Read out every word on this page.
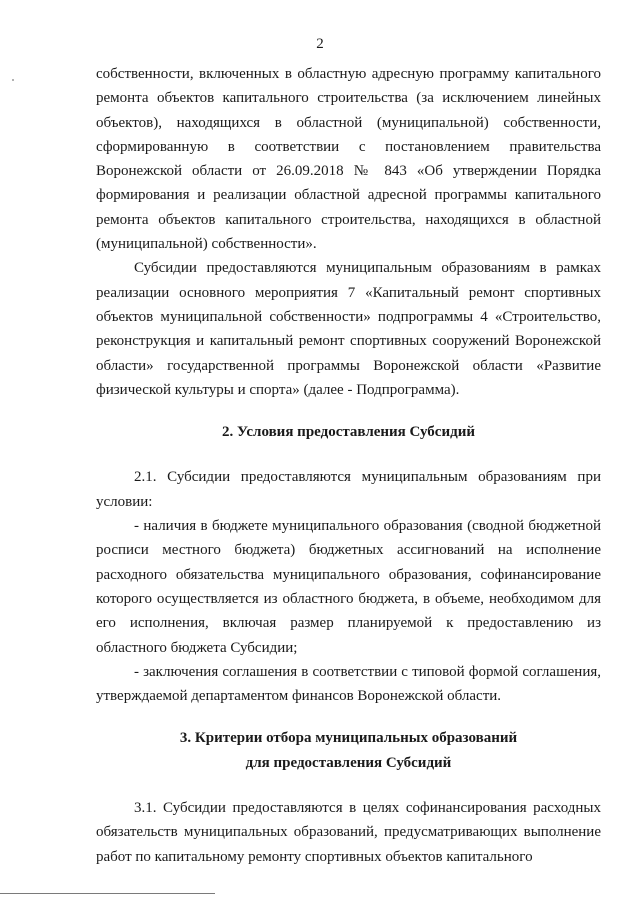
2

собственности, включенных в областную адресную программу капитального ремонта объектов капитального строительства (за исключением линейных объектов), находящихся в областной (муниципальной) собственности, сформированную в соответствии с постановлением правительства Воронежской области от 26.09.2018 № 843 «Об утверждении Порядка формирования и реализации областной адресной программы капитального ремонта объектов капитального строительства, находящихся в областной (муниципальной) собственности».

Субсидии предоставляются муниципальным образованиям в рамках реализации основного мероприятия 7 «Капитальный ремонт спортивных объектов муниципальной собственности» подпрограммы 4 «Строительство, реконструкция и капитальный ремонт спортивных сооружений Воронежской области» государственной программы Воронежской области «Развитие физической культуры и спорта» (далее - Подпрограмма).

2. Условия предоставления Субсидий

2.1. Субсидии предоставляются муниципальным образованиям при условии:

- наличия в бюджете муниципального образования (сводной бюджетной росписи местного бюджета) бюджетных ассигнований на исполнение расходного обязательства муниципального образования, софинансирование которого осуществляется из областного бюджета, в объеме, необходимом для его исполнения, включая размер планируемой к предоставлению из областного бюджета Субсидии;

- заключения соглашения в соответствии с типовой формой соглашения, утверждаемой департаментом финансов Воронежской области.

3. Критерии отбора муниципальных образований

для предоставления Субсидий

3.1. Субсидии предоставляются в целях софинансирования расходных обязательств муниципальных образований, предусматривающих выполнение работ по капитальному ремонту спортивных объектов капитального
